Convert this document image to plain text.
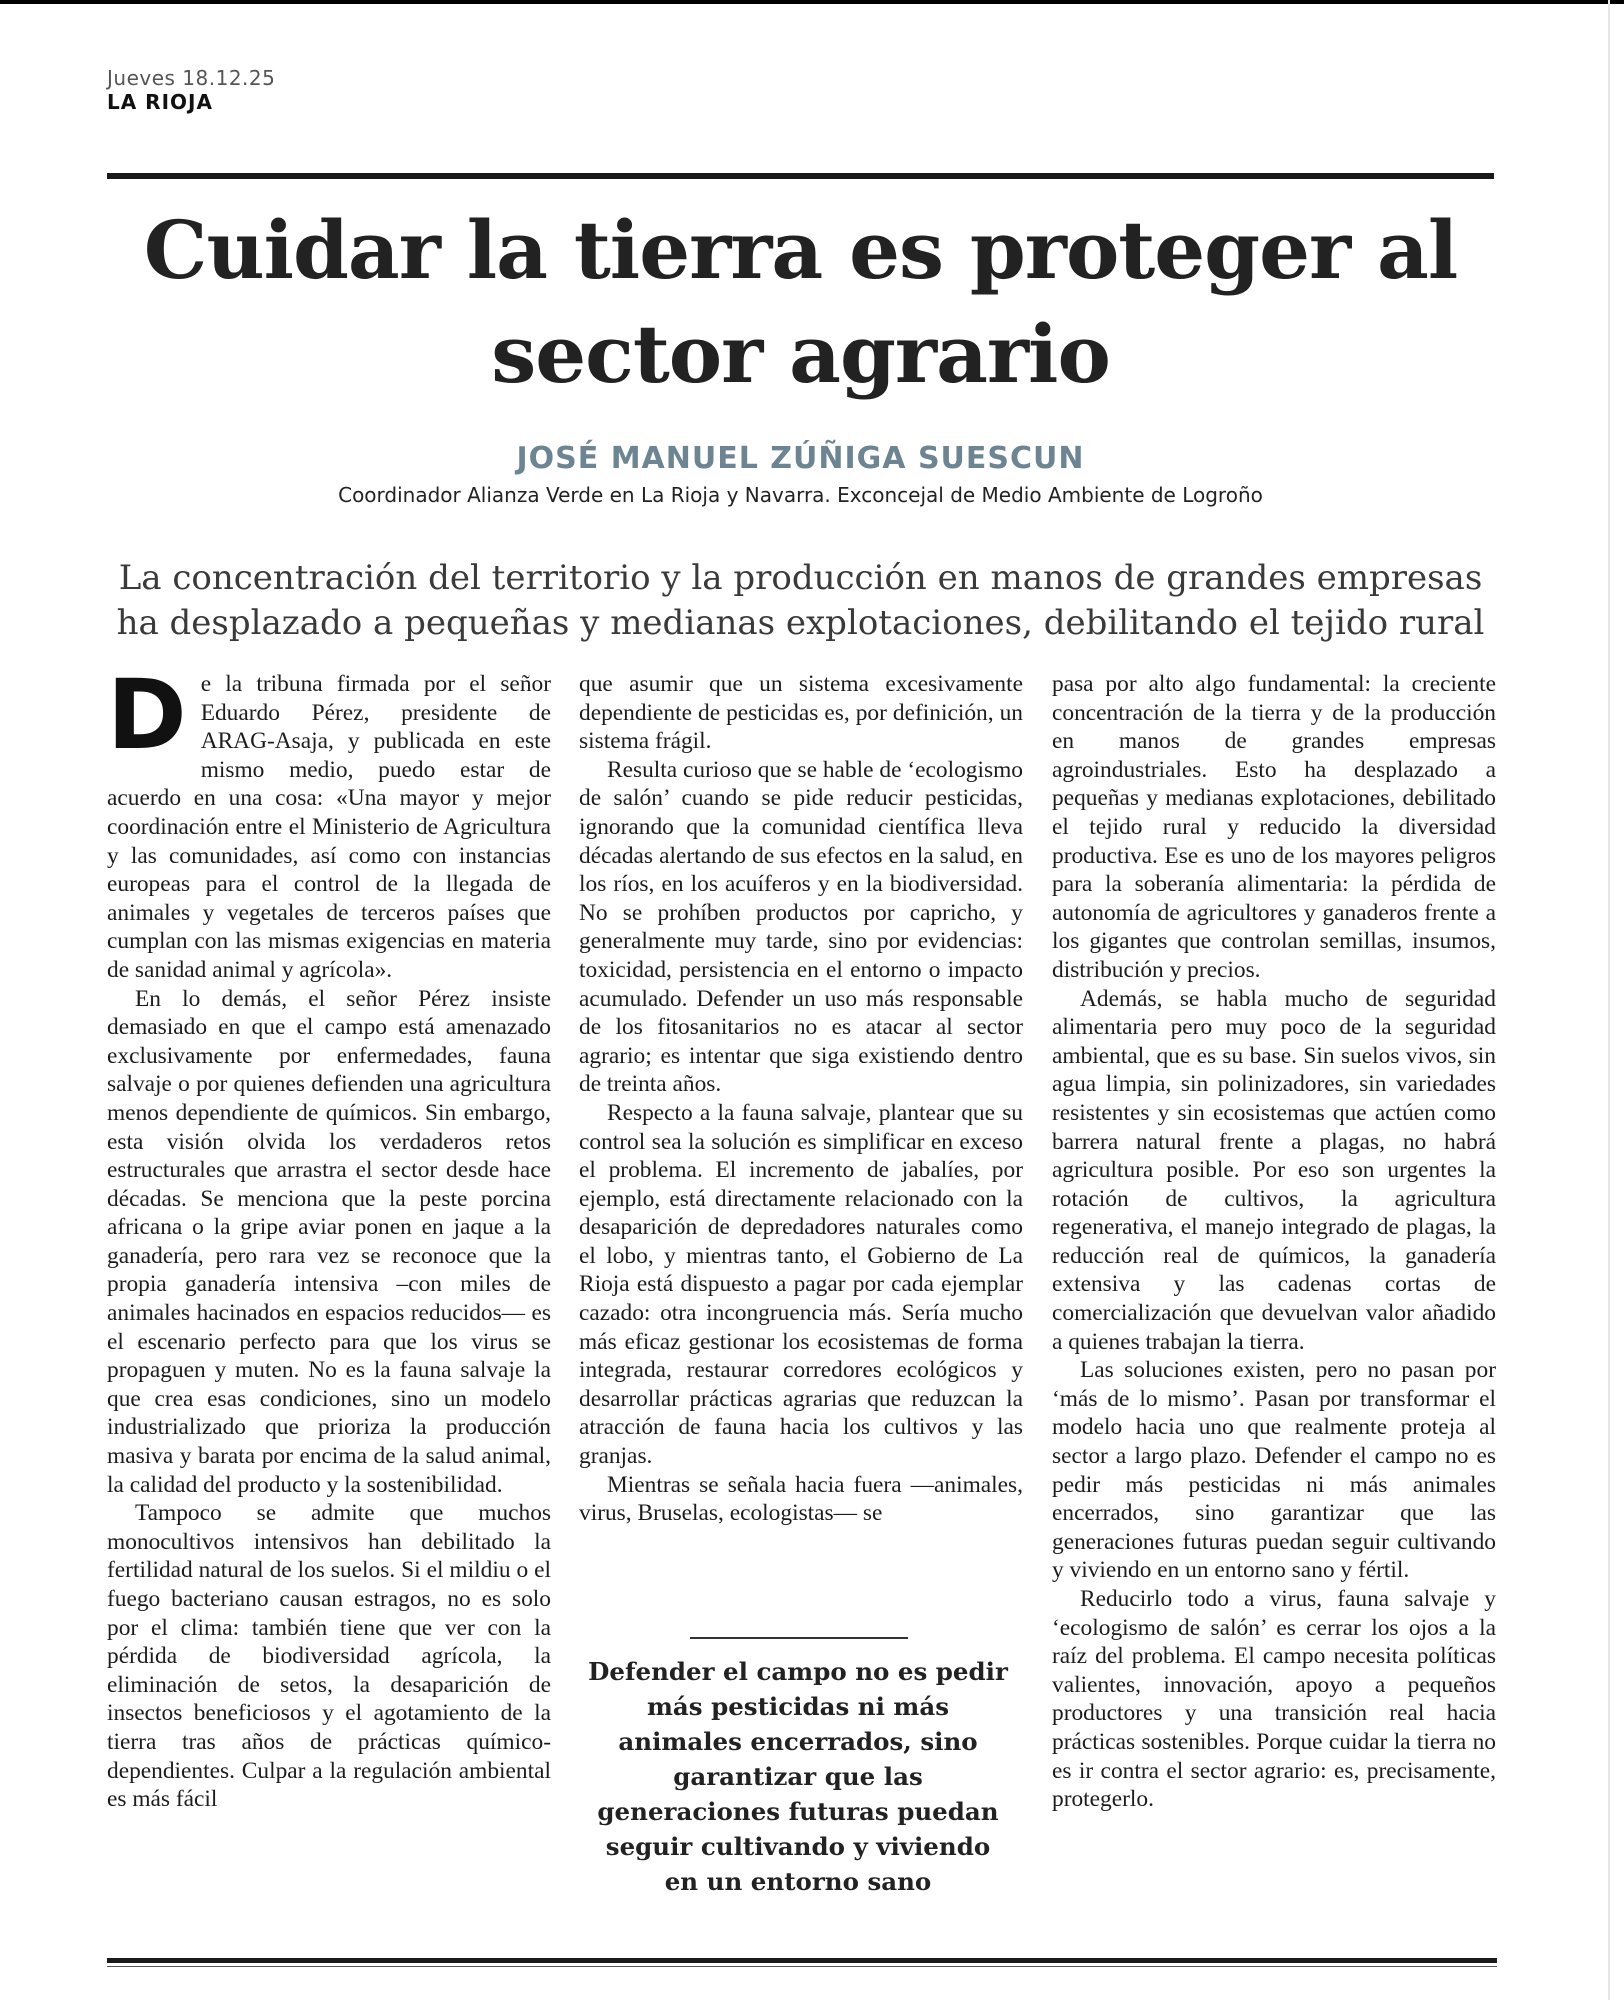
Jueves 18.12.25
LA RIOJA
Cuidar la tierra es proteger al sector agrario
JOSÉ MANUEL ZÚÑIGA SUESCUN
Coordinador Alianza Verde en La Rioja y Navarra. Exconcejal de Medio Ambiente de Logroño
La concentración del territorio y la producción en manos de grandes empresas ha desplazado a pequeñas y medianas explotaciones, debilitando el tejido rural
D e la tribuna firmada por el señor Eduardo Pérez, presidente de ARAG-Asaja, y publicada en este mismo medio, puedo estar de acuerdo en una cosa: «Una mayor y mejor coordinación entre el Ministerio de Agricultura y las comunidades, así como con instancias europeas para el control de la llegada de animales y vegetales de terceros países que cumplan con las mismas exigencias en materia de sanidad animal y agrícola».

En lo demás, el señor Pérez insiste demasiado en que el campo está amenazado exclusivamente por enfermedades, fauna salvaje o por quienes defienden una agricultura menos dependiente de químicos. Sin embargo, esta visión olvida los verdaderos retos estructurales que arrastra el sector desde hace décadas. Se menciona que la peste porcina africana o la gripe aviar ponen en jaque a la ganadería, pero rara vez se reconoce que la propia ganadería intensiva –con miles de animales hacinados en espacios reducidos— es el escenario perfecto para que los virus se propaguen y muten. No es la fauna salvaje la que crea esas condiciones, sino un modelo industrializado que prioriza la producción masiva y barata por encima de la salud animal, la calidad del producto y la sostenibilidad.

Tampoco se admite que muchos monocultivos intensivos han debilitado la fertilidad natural de los suelos. Si el mildiu o el fuego bacteriano causan estragos, no es solo por el clima: también tiene que ver con la pérdida de biodiversidad agrícola, la eliminación de setos, la desaparición de insectos beneficiosos y el agotamiento de la tierra tras años de prácticas químico-dependientes. Culpar a la regulación ambiental es más fácil

que asumir que un sistema excesivamente dependiente de pesticidas es, por definición, un sistema frágil.

Resulta curioso que se hable de ‘ecologismo de salón’ cuando se pide reducir pesticidas, ignorando que la comunidad científica lleva décadas alertando de sus efectos en la salud, en los ríos, en los acuíferos y en la biodiversidad. No se prohíben productos por capricho, y generalmente muy tarde, sino por evidencias: toxicidad, persistencia en el entorno o impacto acumulado. Defender un uso más responsable de los fitosanitarios no es atacar al sector agrario; es intentar que siga existiendo dentro de treinta años.

Respecto a la fauna salvaje, plantear que su control sea la solución es simplificar en exceso el problema. El incremento de jabalíes, por ejemplo, está directamente relacionado con la desaparición de depredadores naturales como el lobo, y mientras tanto, el Gobierno de La Rioja está dispuesto a pagar por cada ejemplar cazado: otra incongruencia más. Sería mucho más eficaz gestionar los ecosistemas de forma integrada, restaurar corredores ecológicos y desarrollar prácticas agrarias que reduzcan la atracción de fauna hacia los cultivos y las granjas.

Mientras se señala hacia fuera —animales, virus, Bruselas, ecologistas— se

Defender el campo no es pedir más pesticidas ni más animales encerrados, sino garantizar que las generaciones futuras puedan seguir cultivando y viviendo en un entorno sano

pasa por alto algo fundamental: la creciente concentración de la tierra y de la producción en manos de grandes empresas agroindustriales. Esto ha desplazado a pequeñas y medianas explotaciones, debilitado el tejido rural y reducido la diversidad productiva. Ese es uno de los mayores peligros para la soberanía alimentaria: la pérdida de autonomía de agricultores y ganaderos frente a los gigantes que controlan semillas, insumos, distribución y precios.

Además, se habla mucho de seguridad alimentaria pero muy poco de la seguridad ambiental, que es su base. Sin suelos vivos, sin agua limpia, sin polinizadores, sin variedades resistentes y sin ecosistemas que actúen como barrera natural frente a plagas, no habrá agricultura posible. Por eso son urgentes la rotación de cultivos, la agricultura regenerativa, el manejo integrado de plagas, la reducción real de químicos, la ganadería extensiva y las cadenas cortas de comercialización que devuelvan valor añadido a quienes trabajan la tierra.

Las soluciones existen, pero no pasan por ‘más de lo mismo’. Pasan por transformar el modelo hacia uno que realmente proteja al sector a largo plazo. Defender el campo no es pedir más pesticidas ni más animales encerrados, sino garantizar que las generaciones futuras puedan seguir cultivando y viviendo en un entorno sano y fértil.

Reducirlo todo a virus, fauna salvaje y ‘ecologismo de salón’ es cerrar los ojos a la raíz del problema. El campo necesita políticas valientes, innovación, apoyo a pequeños productores y una transición real hacia prácticas sostenibles. Porque cuidar la tierra no es ir contra el sector agrario: es, precisamente, protegerlo.
